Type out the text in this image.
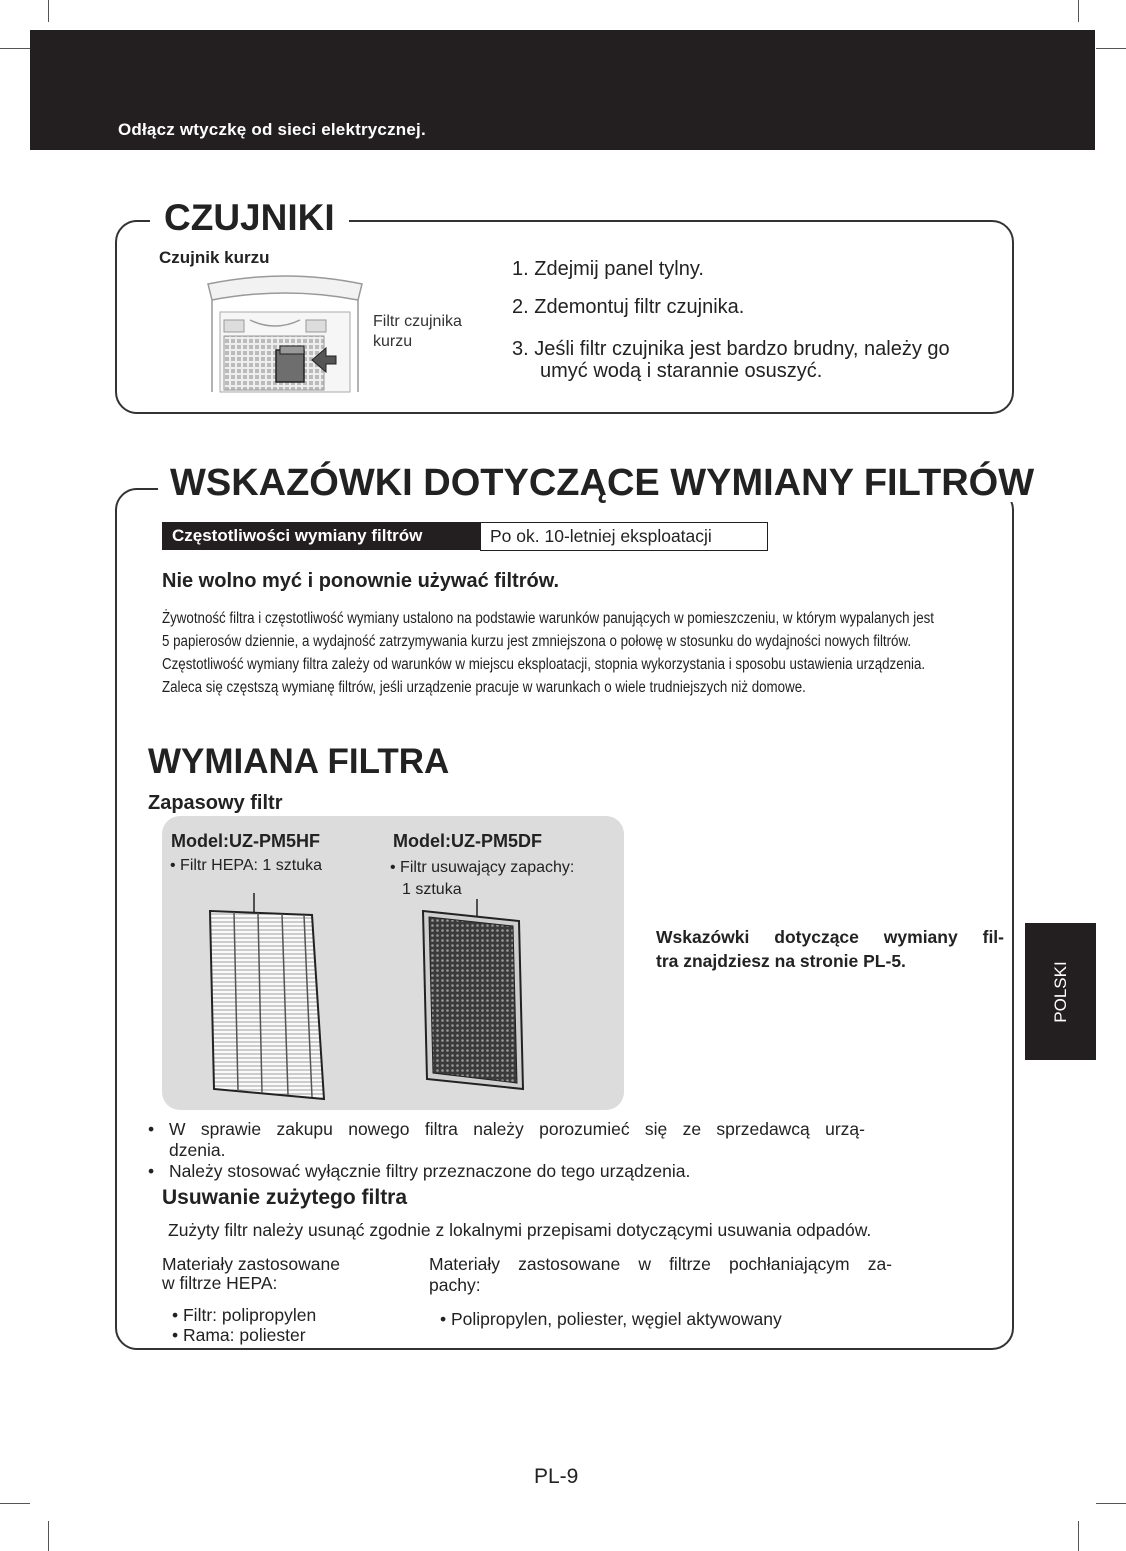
Odłącz wtyczkę od sieci elektrycznej.
CZUJNIKI
Czujnik kurzu
Filtr czujnika
kurzu
1. Zdejmij panel tylny.
2. Zdemontuj filtr czujnika.
3. Jeśli filtr czujnika jest bardzo brudny, należy go
umyć wodą i starannie osuszyć.
WSKAZÓWKI DOTYCZĄCE WYMIANY FILTRÓW
Częstotliwości wymiany filtrów	Po ok. 10-letniej eksploatacji
Nie wolno myć i ponownie używać filtrów.
Żywotność filtra i częstotliwość wymiany ustalono na podstawie warunków panujących w pomieszczeniu, w którym wypalanych jest
5 papierosów dziennie, a wydajność zatrzymywania kurzu jest zmniejszona o połowę w stosunku do wydajności nowych filtrów.
Częstotliwość wymiany filtra zależy od warunków w miejscu eksploatacji, stopnia wykorzystania i sposobu ustawienia urządzenia.
Zaleca się częstszą wymianę filtrów, jeśli urządzenie pracuje w warunkach o wiele trudniejszych niż domowe.
WYMIANA FILTRA
Zapasowy filtr
Model:UZ-PM5HF
• Filtr HEPA: 1 sztuka
Model:UZ-PM5DF
• Filtr usuwający zapachy:
1 sztuka
Wskazówki dotyczące wymiany fil-
tra znajdziesz na stronie PL-5.
• W sprawie zakupu nowego filtra należy porozumieć się ze sprzedawcą urzą-
dzenia.
• Należy stosować wyłącznie filtry przeznaczone do tego urządzenia.
Usuwanie zużytego filtra
Zużyty filtr należy usunąć zgodnie z lokalnymi przepisami dotyczącymi usuwania odpadów.
Materiały zastosowane
w filtrze HEPA:
• Filtr: polipropylen
• Rama: poliester
Materiały zastosowane w filtrze pochłaniającym za-
pachy:
• Polipropylen, poliester, węgiel aktywowany
POLSKI
PL-9
